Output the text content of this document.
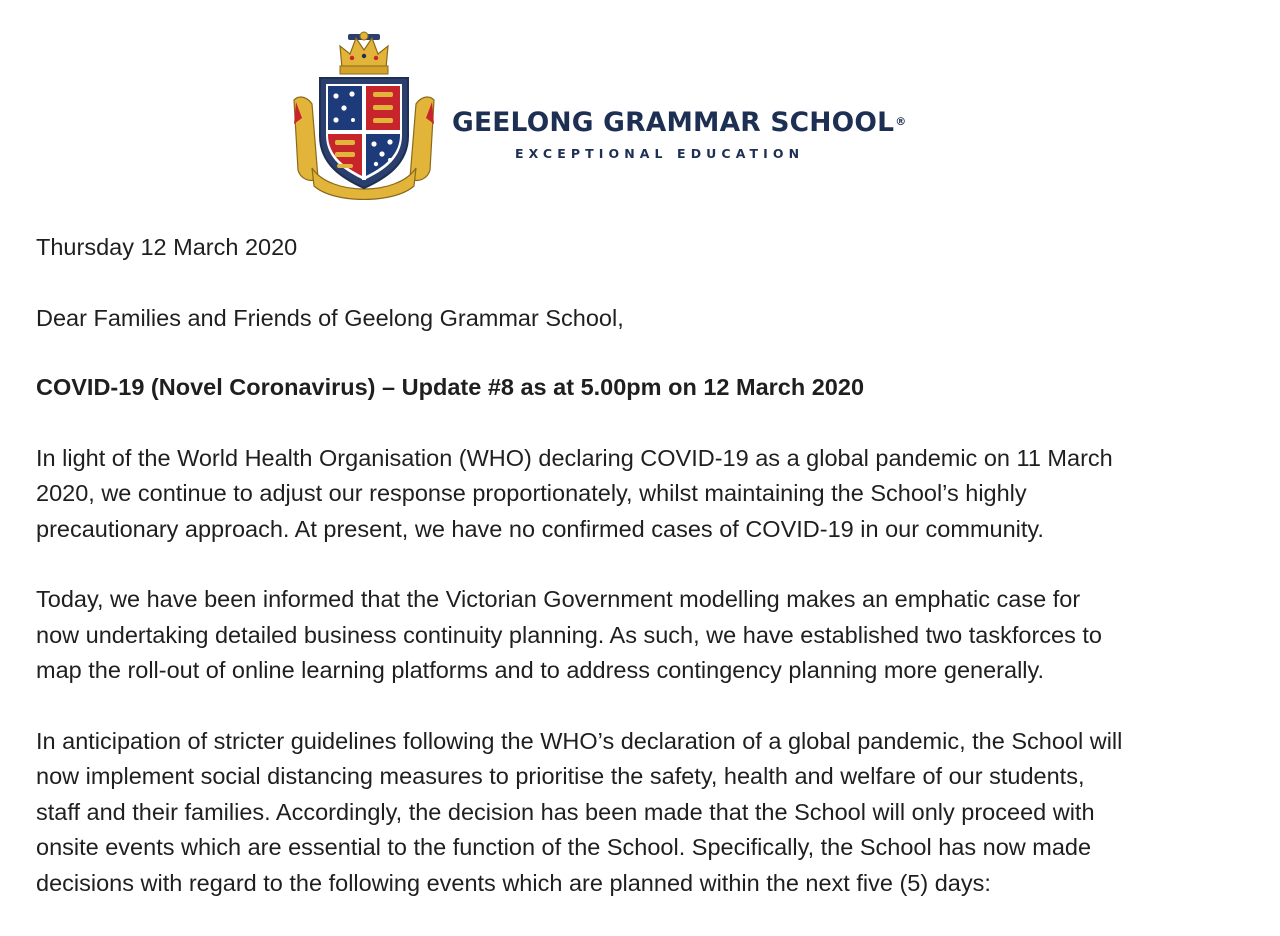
GEELONG GRAMMAR SCHOOL®
EXCEPTIONAL EDUCATION

Thursday 12 March 2020

Dear Families and Friends of Geelong Grammar School,

COVID-19 (Novel Coronavirus) – Update #8 as at 5.00pm on 12 March 2020

In light of the World Health Organisation (WHO) declaring COVID-19 as a global pandemic on 11 March
2020, we continue to adjust our response proportionately, whilst maintaining the School’s highly
precautionary approach. At present, we have no confirmed cases of COVID-19 in our community.

Today, we have been informed that the Victorian Government modelling makes an emphatic case for
now undertaking detailed business continuity planning. As such, we have established two taskforces to
map the roll-out of online learning platforms and to address contingency planning more generally.

In anticipation of stricter guidelines following the WHO’s declaration of a global pandemic, the School will
now implement social distancing measures to prioritise the safety, health and welfare of our students,
staff and their families. Accordingly, the decision has been made that the School will only proceed with
onsite events which are essential to the function of the School. Specifically, the School has now made
decisions with regard to the following events which are planned within the next five (5) days:
